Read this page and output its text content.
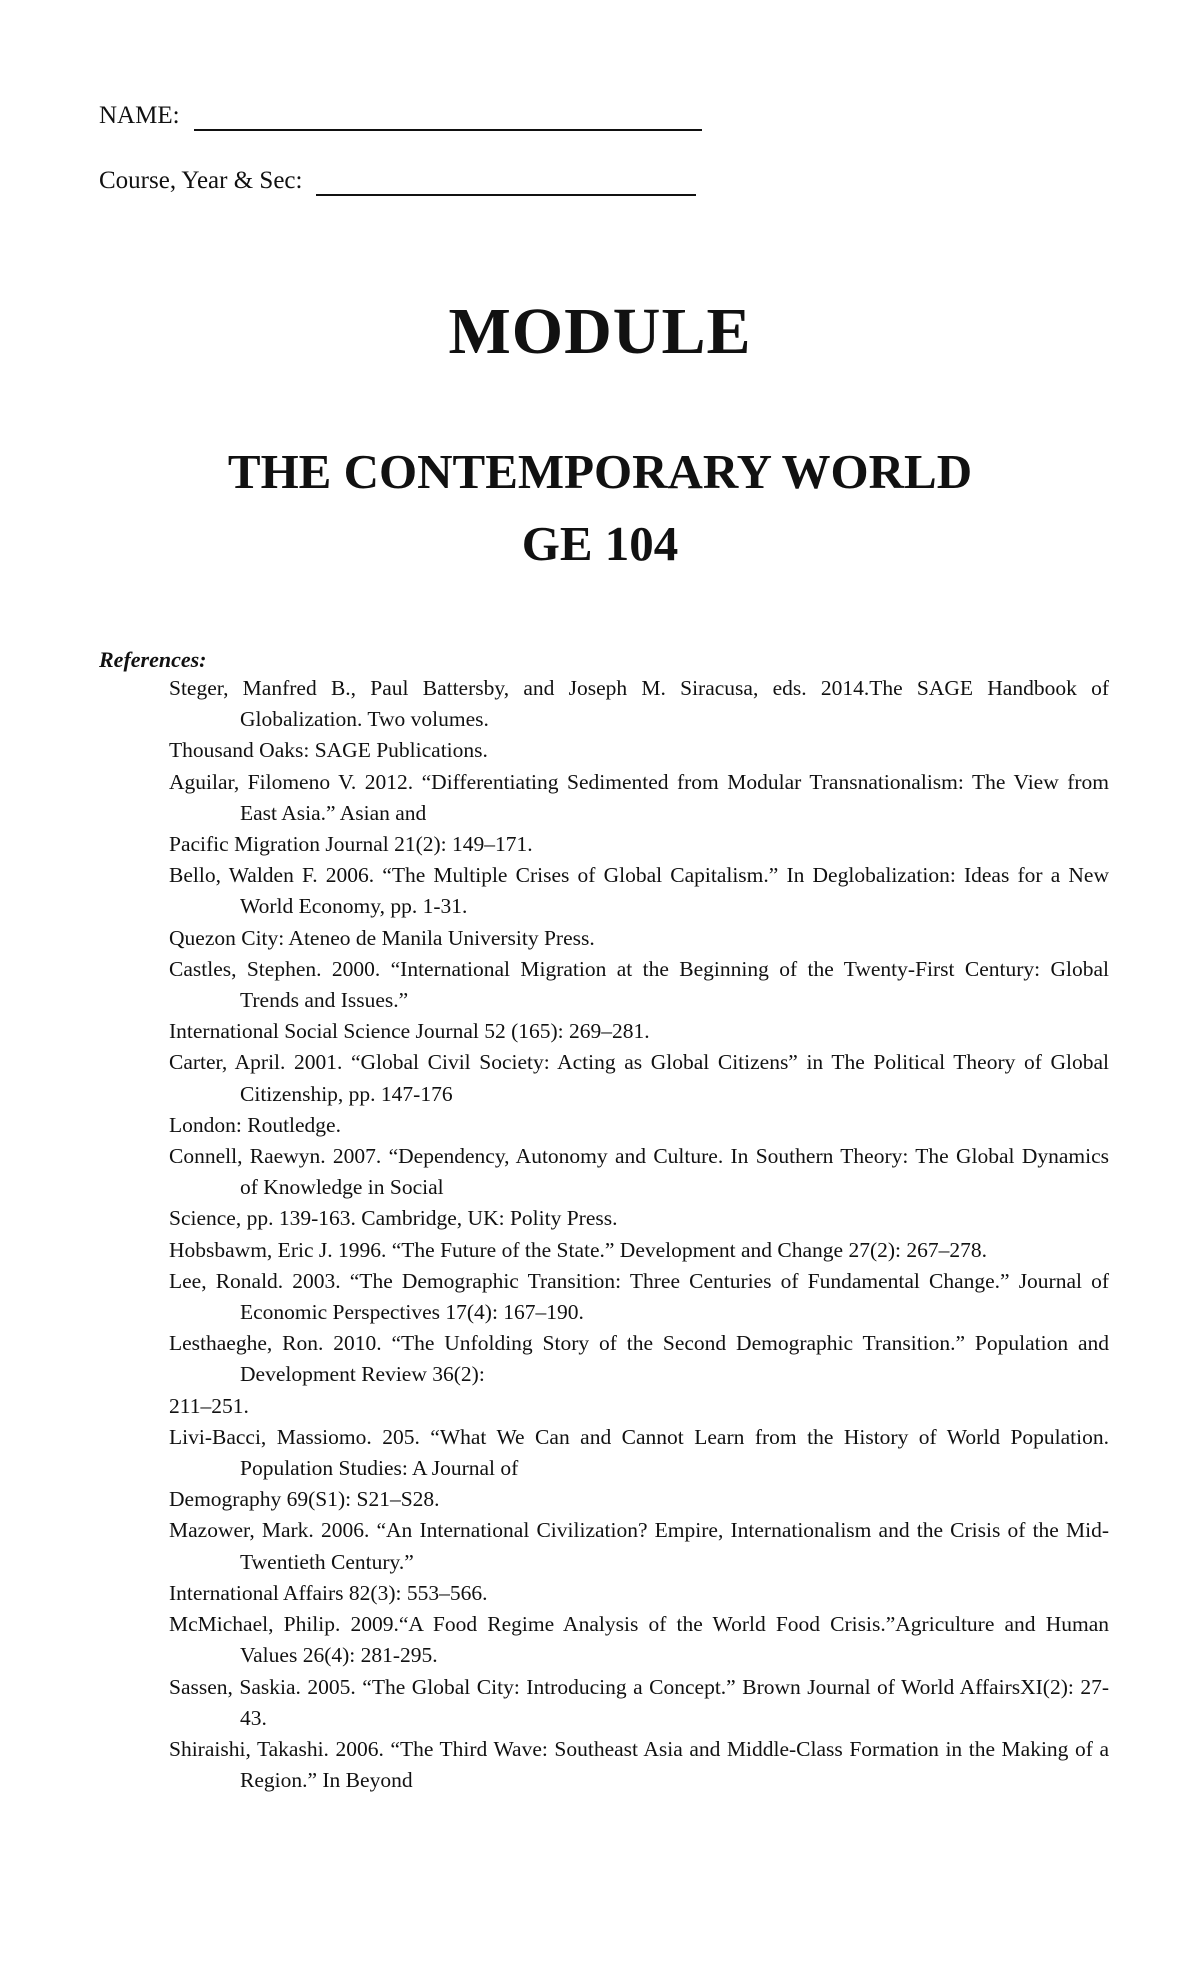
NAME:
Course, Year & Sec:
MODULE
THE CONTEMPORARY WORLD
GE 104
References:
Steger, Manfred B., Paul Battersby, and Joseph M. Siracusa, eds. 2014.The SAGE Handbook of Globalization. Two volumes.
Thousand Oaks: SAGE Publications.
Aguilar, Filomeno V. 2012. “Differentiating Sedimented from Modular Transnationalism: The View from East Asia.” Asian and
Pacific Migration Journal 21(2): 149–171.
Bello, Walden F. 2006. “The Multiple Crises of Global Capitalism.” In Deglobalization: Ideas for a New World Economy, pp. 1-31.
Quezon City: Ateneo de Manila University Press.
Castles, Stephen. 2000. “International Migration at the Beginning of the Twenty-First Century: Global Trends and Issues.”
International Social Science Journal 52 (165): 269–281.
Carter, April. 2001. “Global Civil Society: Acting as Global Citizens” in The Political Theory of Global Citizenship, pp. 147-176
London: Routledge.
Connell, Raewyn. 2007. “Dependency, Autonomy and Culture. In Southern Theory: The Global Dynamics of Knowledge in Social
Science, pp. 139-163. Cambridge, UK: Polity Press.
Hobsbawm, Eric J. 1996. “The Future of the State.” Development and Change 27(2): 267–278.
Lee, Ronald. 2003. “The Demographic Transition: Three Centuries of Fundamental Change.” Journal of Economic Perspectives 17(4): 167–190.
Lesthaeghe, Ron. 2010. “The Unfolding Story of the Second Demographic Transition.” Population and Development Review 36(2):
211–251.
Livi-Bacci, Massiomo. 205. “What We Can and Cannot Learn from the History of World Population. Population Studies: A Journal of
Demography 69(S1): S21–S28.
Mazower, Mark. 2006. “An International Civilization? Empire, Internationalism and the Crisis of the Mid-Twentieth Century.”
International Affairs 82(3): 553–566.
McMichael, Philip. 2009.“A Food Regime Analysis of the World Food Crisis.”Agriculture and Human Values 26(4): 281-295.
Sassen, Saskia. 2005. “The Global City: Introducing a Concept.” Brown Journal of World AffairsXI(2): 27-43.
Shiraishi, Takashi. 2006. “The Third Wave: Southeast Asia and Middle-Class Formation in the Making of a Region.” In Beyond
